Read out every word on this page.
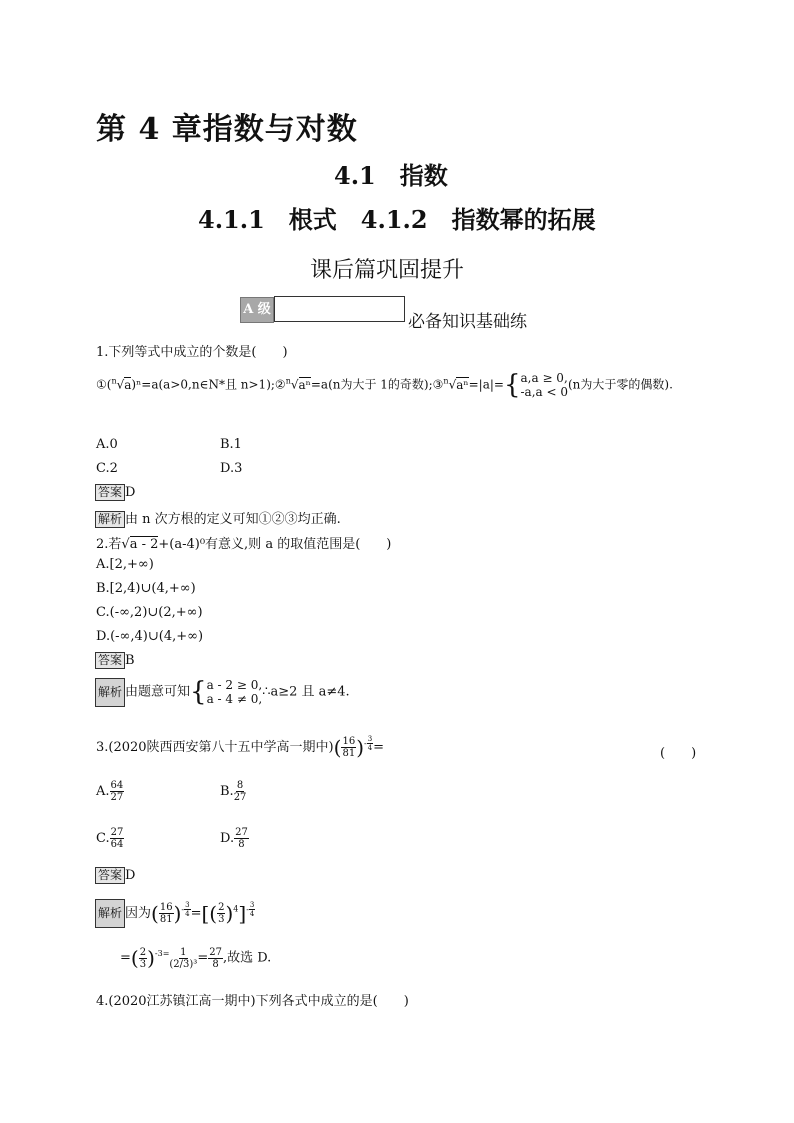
第 4 章指数与对数
4.1　指数
4.1.1　根式　4.1.2　指数幂的拓展
课后篇巩固提升
A 级
必备知识基础练
1.下列等式中成立的个数是(　　)
①($^n$√a)ⁿ=a(a>0,n∈N*且 n>1);②$^n$√aⁿ=a(n为大于 1的奇数);③$^n$√aⁿ=|a|={ a,a ≥ 0,
-a,a < 0
(n为大于零的偶数).
A.0	B.1
C.2	D.3
答案 D
解析 由 n 次方根的定义可知①②③均正确.
2.若√a - 2+(a-4)⁰有意义,则 a 的取值范围是(　　)
A.[2,+∞)
B.[2,4)∪(4,+∞)
C.(-∞,2)∪(2,+∞)
D.(-∞,4)∪(4,+∞)
答案 B
解析 由题意可知{ a - 2 ≥ 0,
a - 4 ≠ 0, ∴a≥2 且 a≠4.
3.(2020陕西西安第八十五中学高一期中)( $\frac{16}{81} )^{- \frac{3}{4}}$ =	(　　)
A. $\frac{64}{27}$	B. $\frac{8}{27}$
C. $\frac{27}{64}$	D. $\frac{27}{8}$
答案 D
解析 因为( $\frac{16}{81} )^{- \frac{3}{4}}$ =[( $\frac{2}{3} )^4]^{- \frac{3}{4}}$
=( $\frac{2}{3} )^{-3=} \frac{1}{\text{(2/3)³}} = \frac{27}{8}$ ,故选 D.
4.(2020江苏镇江高一期中)下列各式中成立的是(　　)
